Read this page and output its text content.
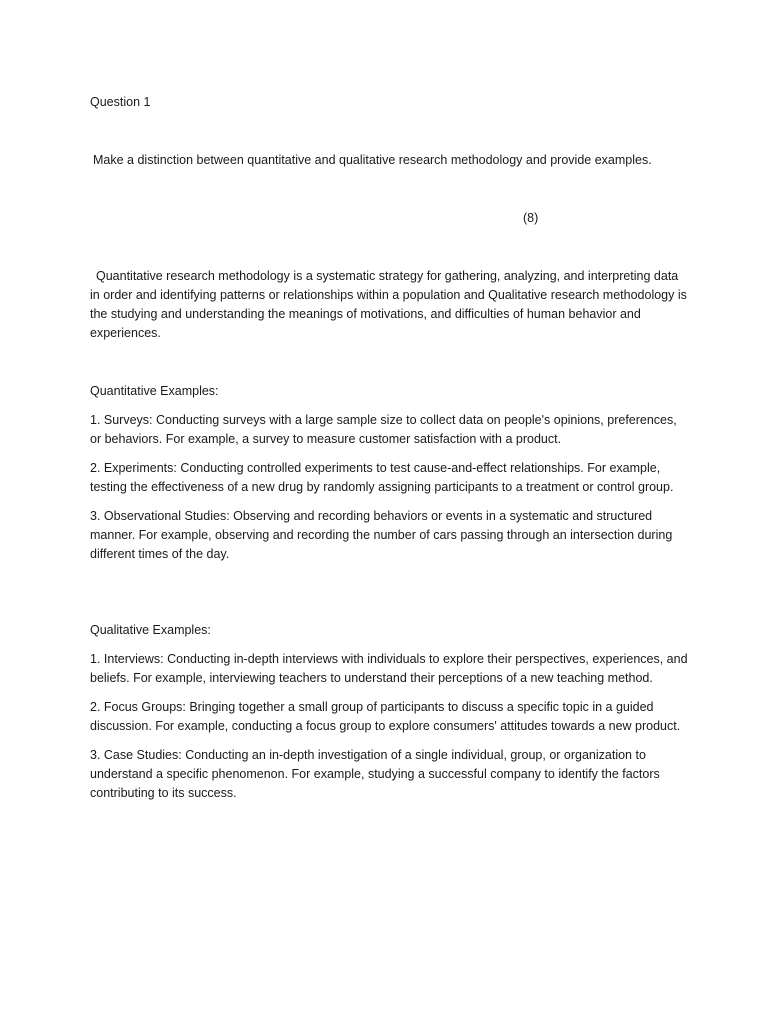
Question 1

Make a distinction between quantitative and qualitative research methodology and provide examples.

(8)

Quantitative research methodology is a systematic strategy for gathering, analyzing, and interpreting data in order and identifying patterns or relationships within a population and Qualitative research methodology is the studying and understanding the meanings of motivations, and difficulties of human behavior and experiences.

Quantitative Examples:

1. Surveys: Conducting surveys with a large sample size to collect data on people's opinions, preferences, or behaviors. For example, a survey to measure customer satisfaction with a product.
2. Experiments: Conducting controlled experiments to test cause-and-effect relationships. For example, testing the effectiveness of a new drug by randomly assigning participants to a treatment or control group.
3. Observational Studies: Observing and recording behaviors or events in a systematic and structured manner. For example, observing and recording the number of cars passing through an intersection during different times of the day.

Qualitative Examples:

1. Interviews: Conducting in-depth interviews with individuals to explore their perspectives, experiences, and beliefs. For example, interviewing teachers to understand their perceptions of a new teaching method.
2. Focus Groups: Bringing together a small group of participants to discuss a specific topic in a guided discussion. For example, conducting a focus group to explore consumers' attitudes towards a new product.
3. Case Studies: Conducting an in-depth investigation of a single individual, group, or organization to understand a specific phenomenon. For example, studying a successful company to identify the factors contributing to its success.
